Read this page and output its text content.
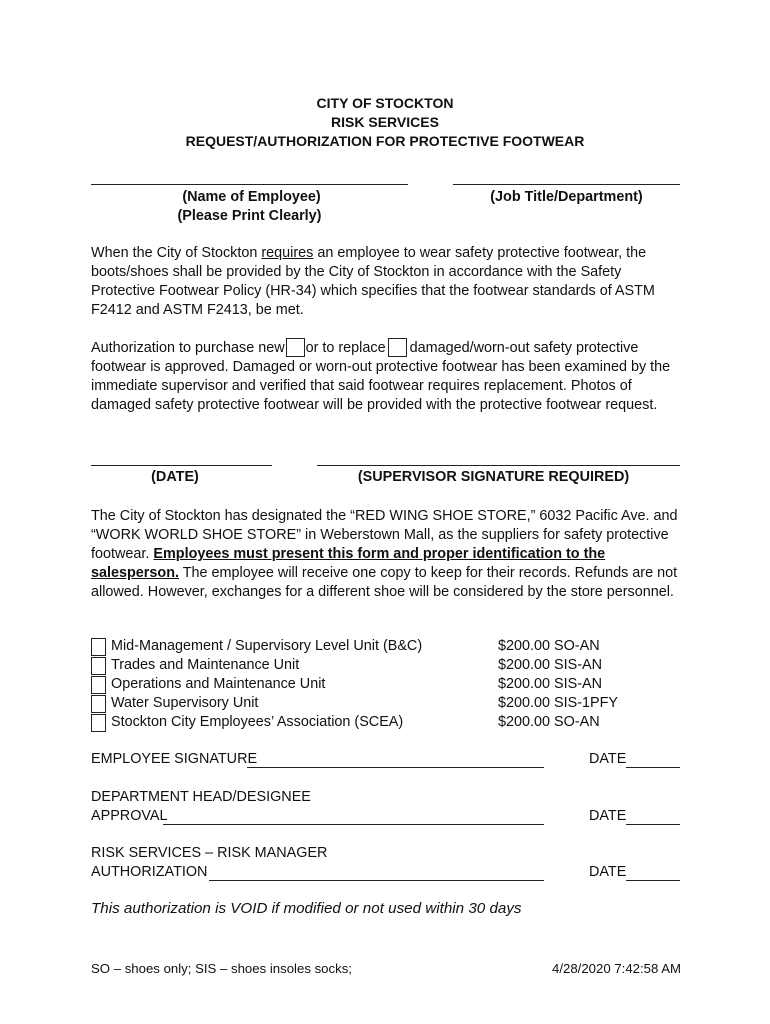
CITY OF STOCKTON
RISK SERVICES
REQUEST/AUTHORIZATION FOR PROTECTIVE FOOTWEAR
(Name of Employee)
(Please Print Clearly)
(Job Title/Department)
When the City of Stockton requires an employee to wear safety protective footwear, the boots/shoes shall be provided by the City of Stockton in accordance with the Safety Protective Footwear Policy (HR-34) which specifies that the footwear standards of ASTM F2412 and ASTM F2413, be met.
Authorization to purchase new or to replace damaged/worn-out safety protective
footwear is approved. Damaged or worn-out protective footwear has been examined by the immediate supervisor and verified that said footwear requires replacement. Photos of damaged safety protective footwear will be provided with the protective footwear request.
(DATE)	(SUPERVISOR SIGNATURE REQUIRED)
The City of Stockton has designated the “RED WING SHOE STORE,” 6032 Pacific Ave. and “WORK WORLD SHOE STORE” in Weberstown Mall, as the suppliers for safety protective footwear. Employees must present this form and proper identification to the salesperson. The employee will receive one copy to keep for their records. Refunds are not allowed. However, exchanges for a different shoe will be considered by the store personnel.
Mid-Management / Supervisory Level Unit (B&C)	$200.00 SO-AN
Trades and Maintenance Unit	$200.00 SIS-AN
Operations and Maintenance Unit	$200.00 SIS-AN
Water Supervisory Unit	$200.00 SIS-1PFY
Stockton City Employees’ Association (SCEA)	$200.00 SO-AN
EMPLOYEE SIGNATURE	DATE
DEPARTMENT HEAD/DESIGNEE
APPROVAL	DATE
RISK SERVICES – RISK MANAGER
AUTHORIZATION	DATE
This authorization is VOID if modified or not used within 30 days
SO – shoes only; SIS – shoes insoles socks;	4/28/2020 7:42:58 AM
